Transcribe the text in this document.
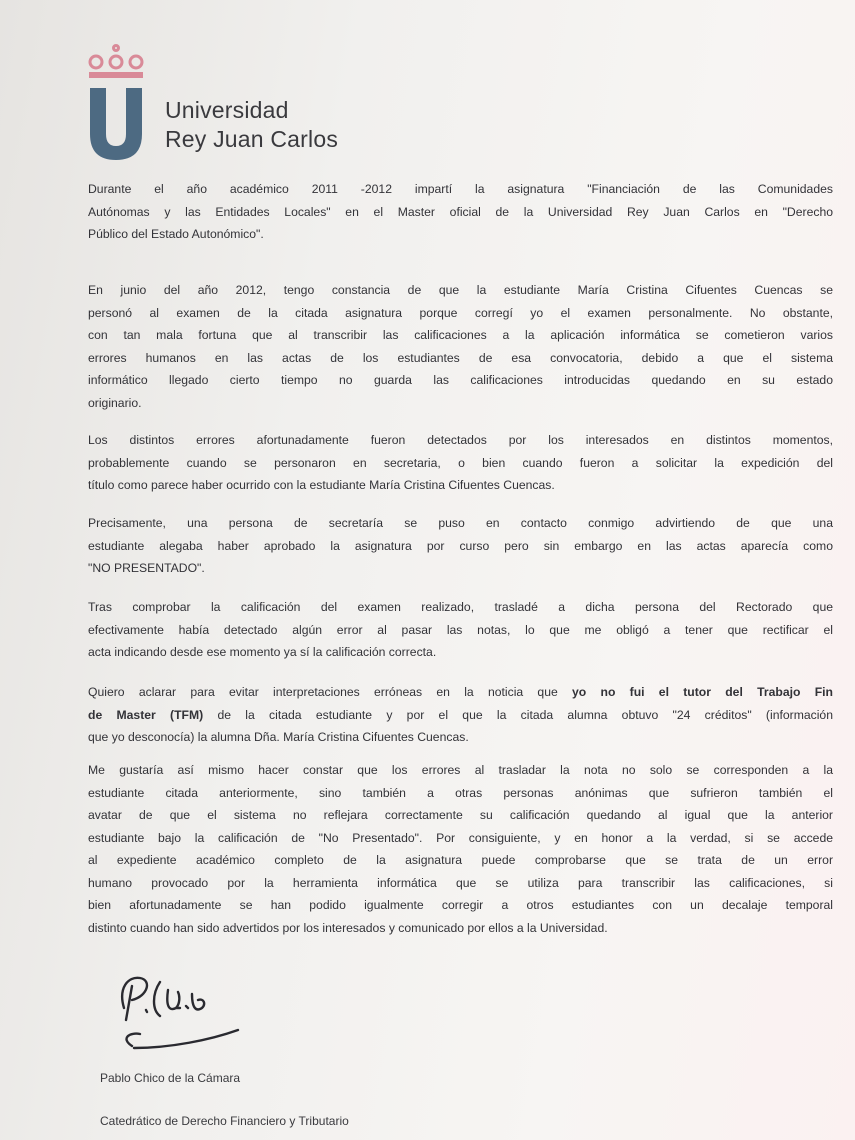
Universidad
Rey Juan Carlos
Durante el año académico 2011 -2012 impartí la asignatura "Financiación de las Comunidades
Autónomas y las Entidades Locales" en el Master oficial de la Universidad Rey Juan Carlos en "Derecho
Público del Estado Autonómico".
En junio del año 2012, tengo constancia de que la estudiante María Cristina Cifuentes Cuencas se
personó al examen de la citada asignatura porque corregí yo el examen personalmente. No obstante,
con tan mala fortuna que al transcribir las calificaciones a la aplicación informática se cometieron varios
errores humanos en las actas de los estudiantes de esa convocatoria, debido a que el sistema
informático llegado cierto tiempo no guarda las calificaciones introducidas quedando en su estado
originario.
Los distintos errores afortunadamente fueron detectados por los interesados en distintos momentos,
probablemente cuando se personaron en secretaria, o bien cuando fueron a solicitar la expedición del
título como parece haber ocurrido con la estudiante María Cristina Cifuentes Cuencas.
Precisamente, una persona de secretaría se puso en contacto conmigo advirtiendo de que una
estudiante alegaba haber aprobado la asignatura por curso pero sin embargo en las actas aparecía como
"NO PRESENTADO".
Tras comprobar la calificación del examen realizado, trasladé a dicha persona del Rectorado que
efectivamente había detectado algún error al pasar las notas, lo que me obligó a tener que rectificar el
acta indicando desde ese momento ya sí la calificación correcta.
Quiero aclarar para evitar interpretaciones erróneas en la noticia que yo no fui el tutor del Trabajo Fin
de Master (TFM) de la citada estudiante y por el que la citada alumna obtuvo "24 créditos" (información
que yo desconocía) la alumna Dña. María Cristina Cifuentes Cuencas.
Me gustaría así mismo hacer constar que los errores al trasladar la nota no solo se corresponden a la
estudiante citada anteriormente, sino también a otras personas anónimas que sufrieron también el
avatar de que el sistema no reflejara correctamente su calificación quedando al igual que la anterior
estudiante bajo la calificación de "No Presentado". Por consiguiente, y en honor a la verdad, si se accede
al expediente académico completo de la asignatura puede comprobarse que se trata de un error
humano provocado por la herramienta informática que se utiliza para transcribir las calificaciones, si
bien afortunadamente se han podido igualmente corregir a otros estudiantes con un decalaje temporal
distinto cuando han sido advertidos por los interesados y comunicado por ellos a la Universidad.
Pablo Chico de la Cámara
Catedrático de Derecho Financiero y Tributario
